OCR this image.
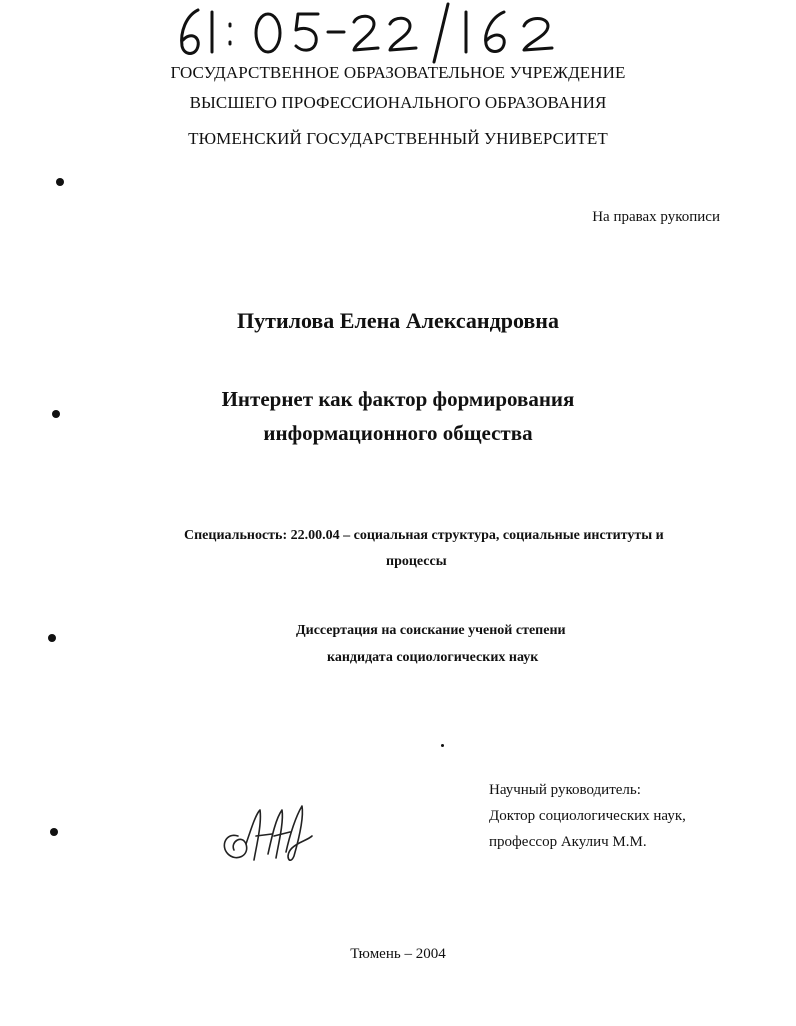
ГОСУДАРСТВЕННОЕ ОБРАЗОВАТЕЛЬНОЕ УЧРЕЖДЕНИЕ
ВЫСШЕГО ПРОФЕССИОНАЛЬНОГО ОБРАЗОВАНИЯ
ТЮМЕНСКИЙ ГОСУДАРСТВЕННЫЙ УНИВЕРСИТЕТ
На правах рукописи
Путилова Елена Александровна
Интернет как фактор формирования
информационного общества
Специальность: 22.00.04 – социальная структура, социальные институты и
процессы
Диссертация на соискание ученой степени
кандидата социологических наук
Научный руководитель:
Доктор социологических наук,
профессор Акулич М.М.
Тюмень – 2004
